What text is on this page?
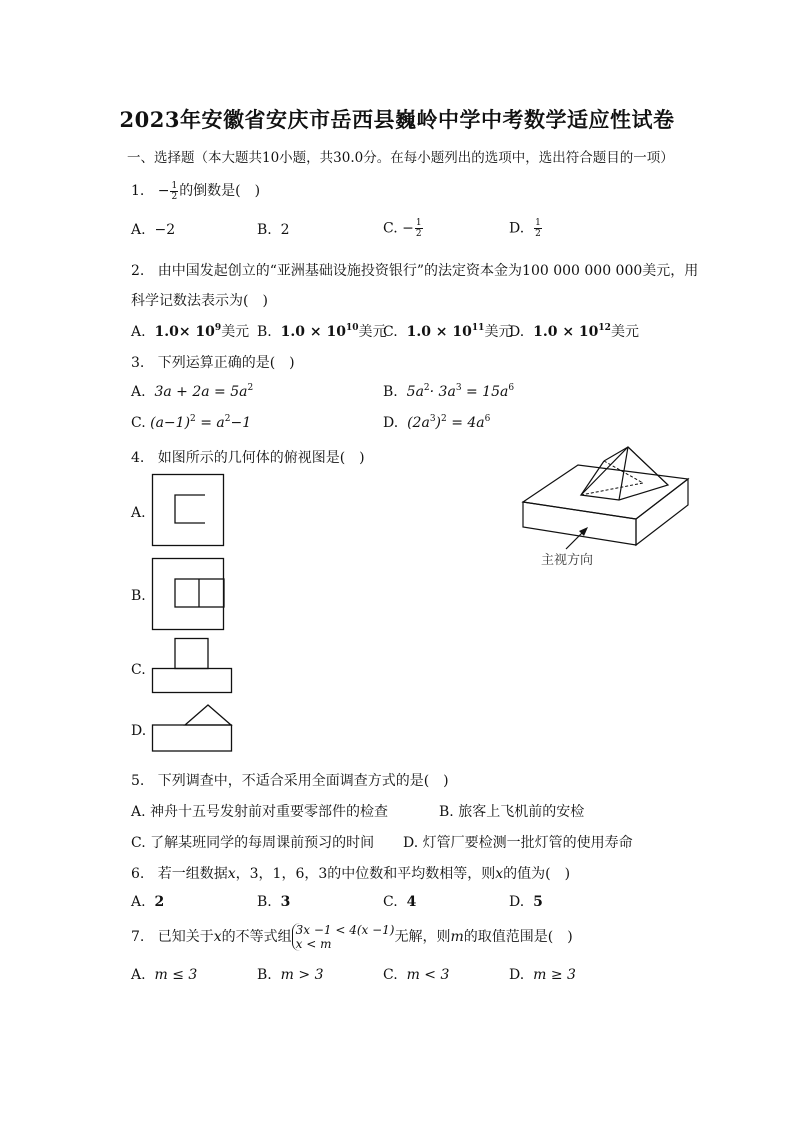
2023年安徽省安庆市岳西县巍岭中学中考数学适应性试卷
一、选择题（本大题共10小题，共30.0分。在每小题列出的选项中，选出符合题目的一项）
1. − $\frac{1}{2}$ 的倒数是(　)
A. −2	B. 2	C. − $\frac{1}{2}$	D. $\frac{1}{2}$
2. 由中国发起创立的“亚洲基础设施投资银行”的法定资本金为100 000 000 000美元，用
科学记数法表示为(　)
A. $1.0\times 10^9$美元 B. $1.0 \times 10^{10}$美元
C. $1.0 \times 10^{11}$美元
D. $1.0 \times 10^{12}$美元
3. 下列运算正确的是(　)
A. $3a + 2a = 5a^2$	B. $5a^2\cdot 3a^3 = 15a^6$
C. $(a-1)^2 = a^2-1$	D. $(2a^3)^2 = 4a^6$
4. 如图所示的几何体的俯视图是(　)
A.
B.
C.
D.
主视方向
5. 下列调查中，不适合采用全面调查方式的是(　)
A. 神舟十五号发射前对重要零部件的检查	B. 旅客上飞机前的安检
C. 了解某班同学的每周课前预习的时间 D. 灯管厂要检测一批灯管的使用寿命
6. 若一组数据x，3，1，6，3的中位数和平均数相等，则x的值为(　)
A. 2	B. 3	C. 4	D. 5
7. 已知关于x的不等式组 3x −1 < 4(x −1)
x < m	无解，则m的取值范围是(　)
A. m ≤ 3	B. m > 3	C. m < 3	D. m ≥ 3
